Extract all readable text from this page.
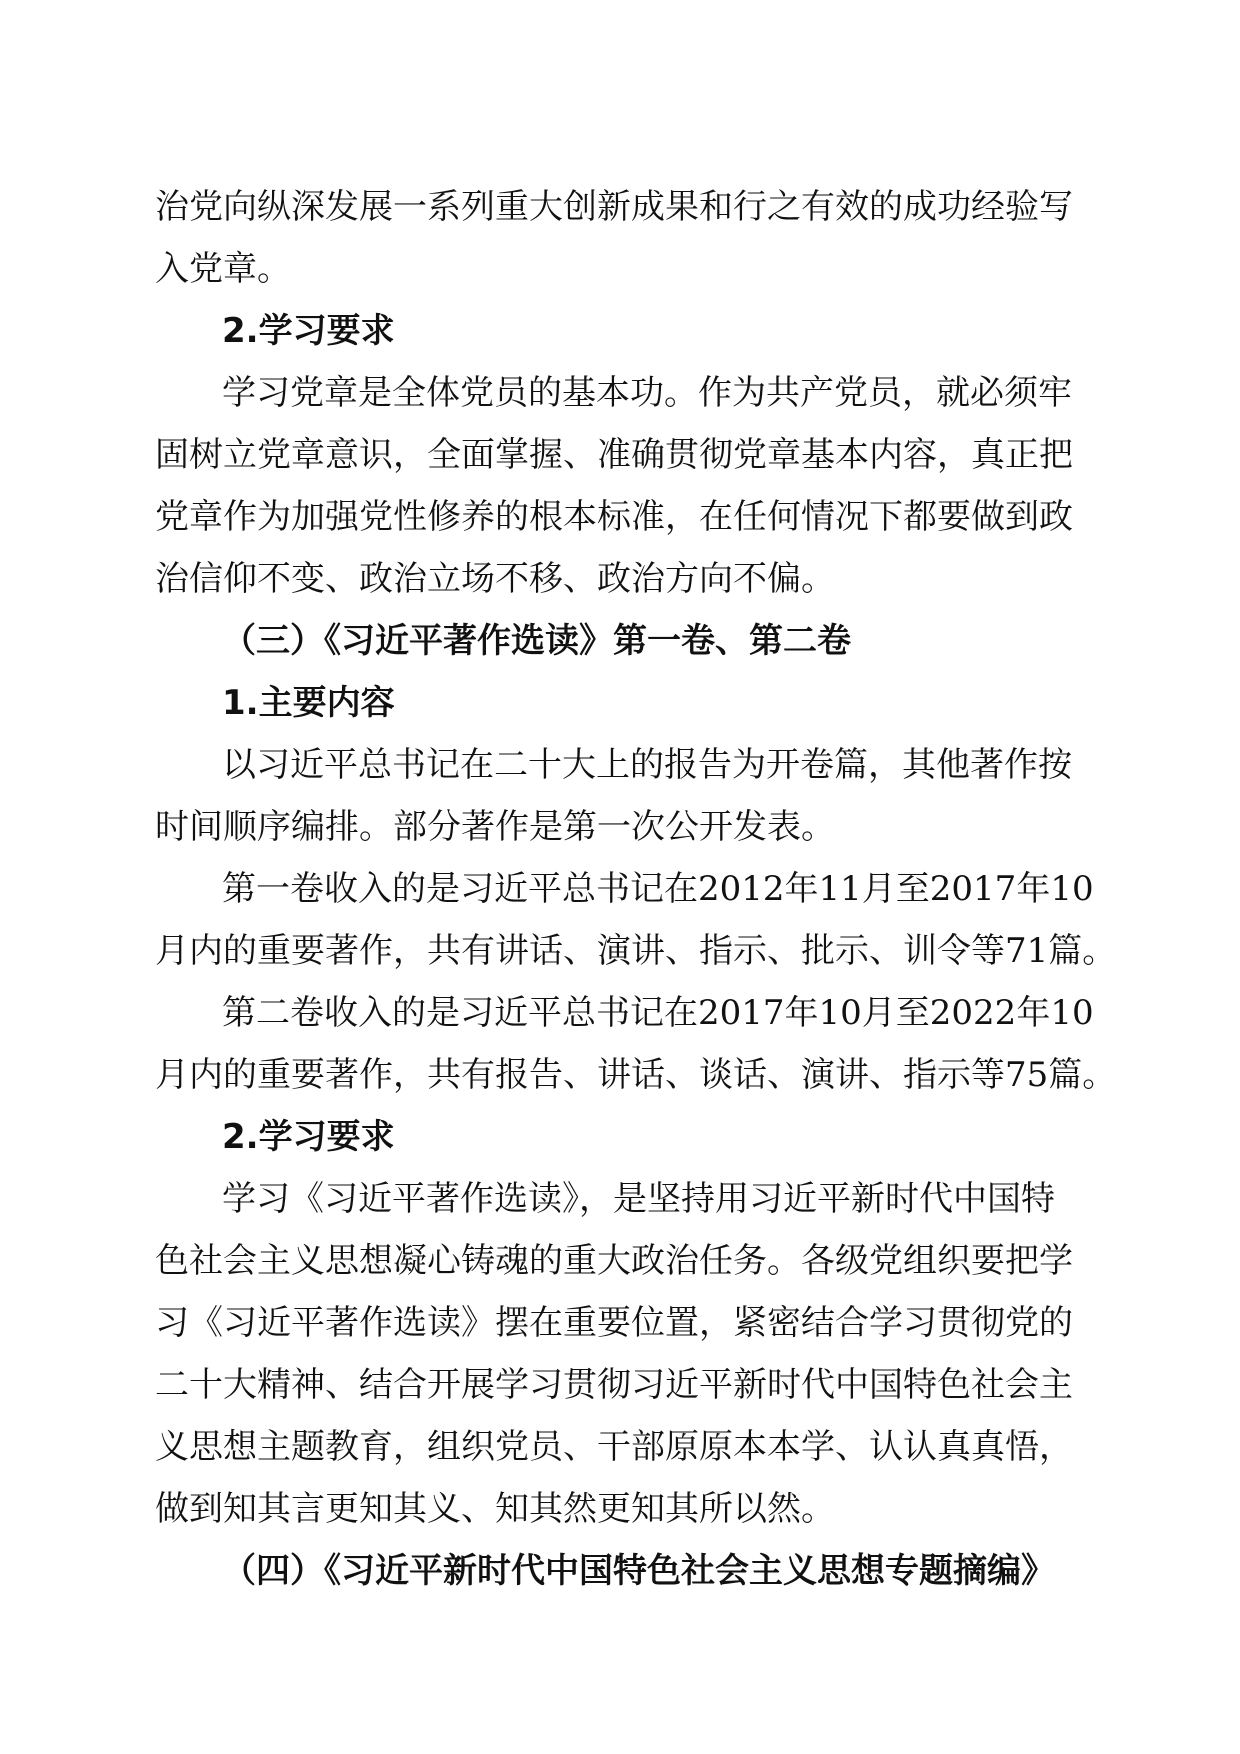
治党向纵深发展一系列重大创新成果和行之有效的成功经验写
入党章。
2.学习要求
学习党章是全体党员的基本功。作为共产党员，就必须牢
固树立党章意识，全面掌握、准确贯彻党章基本内容，真正把
党章作为加强党性修养的根本标准，在任何情况下都要做到政
治信仰不变、政治立场不移、政治方向不偏。
（三）《习近平著作选读》第一卷、第二卷
1.主要内容
以习近平总书记在二十大上的报告为开卷篇，其他著作按
时间顺序编排。部分著作是第一次公开发表。
第一卷收入的是习近平总书记在2012年11月至2017年10
月内的重要著作，共有讲话、演讲、指示、批示、训令等71篇。
第二卷收入的是习近平总书记在2017年10月至2022年10
月内的重要著作，共有报告、讲话、谈话、演讲、指示等75篇。
2.学习要求
学习《习近平著作选读》，是坚持用习近平新时代中国特
色社会主义思想凝心铸魂的重大政治任务。各级党组织要把学
习《习近平著作选读》摆在重要位置，紧密结合学习贯彻党的
二十大精神、结合开展学习贯彻习近平新时代中国特色社会主
义思想主题教育，组织党员、干部原原本本学、认认真真悟，
做到知其言更知其义、知其然更知其所以然。
（四）《习近平新时代中国特色社会主义思想专题摘编》
